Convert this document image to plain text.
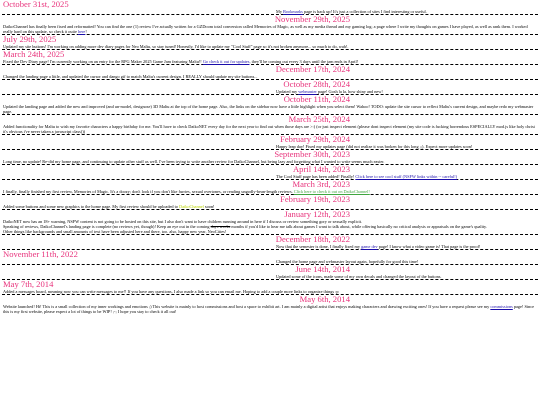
October 31st, 2025

My Bookmarks page is back up! It's just a collection of sites I find interesting or useful.

November 29th, 2025

DaikoChannel has finally been fixed and reformatted! You can find the one (1) review I've actually written for a GZDoom total conversion called Memories of Magic, as well as my media thread and my gaming log; a page where I write my thoughts on games I have played, as well as rank them. I worked really hard on this update, so check it outie here!

July 29th, 2025

Updated my site buttons! I'm working on adding more dev diary pages for Neo Maltu, so stay tuned! Honestly, I'd like to update my "Cool Stuff" page so it's not broken anymore... so much to do, wah!.

March 24th, 2025

Fixed the Dev Diary page! I'm currently working on an entry for the RPG Maker 2025 Game Jam featuring Maltu!! Go check it out for updates, they'll be coming out every 3 days until the jam ends in April!

December 17th, 2024

Changed the landing page a little, and updated the cursor and dango gif to match Maltu's current design. I REALLY should update my site buttons...

October 28th, 2024

Updated my webmaster page! Gosh la la, how shiny and new!

October 11th, 2024

Updated the landing page and added the new and improved (and un-model, designose) 3D Maltu at the top of the home page. Also, the links on the sidebar now have a little highlight when you select them! Wahoo! TODO: update the site cursor to reflect Maltu's current design, and maybe redo my webmaster page.

March 25th, 2024

Added functionality for Maltu to wish my favorite characters a happy birthday for me. You'll have to check DaikoNET every day for the next year to find out when those days are >:) (or just inspect element (please dont inspect element (my site code is fucking horrendous ESPECIALLY mod.js like holy christ it's obvious i've never taken a javascript class)))

February 29th, 2024

Happy leap day! Fixed my updates page (did not realize it was broken for this long ;;). Expect more updates soon!

September 30th, 2023

Long time, no update! Re-did my home page, and continuing to update other stuff as well. I've been trying to write another review for DaikoChannel, but being lazy and forgetting what I wanted to write seems much easier.

April 14th, 2023

The Cool Stuff page has been added! Finally! Click here to see cool stuff (NSFW links within -- careful!)

March 3rd, 2023

I finally, finally finished my first review, Memories of Magic. It's a doozy; don't look if you don't like furries, sexual overtones, or reading ungodly-bean-length reviews. Click here to check it out on DaikoChannel!

February 19th, 2023

Added some buttons and some new graphics to the home page. My first review should be uploaded to DaikoChannel soon!

January 12th, 2023

DaikoNET now has an 18+ warning, NSFW content is not going to be hosted on this site, but I also don't want to have children running around in here if I discuss or review something gory or sexually explicit.

Speaking of reviews, DaikoChannel's landing page is complete (no reviews yet, though)! Keep an eye out in the coming days weeks months if you'd like to hear me talk about games I want to talk about, while offering basically no critical analysis or appraisals on the game's quality.

Other things like backgrounds and small amounts of text have been adjusted here and there, too. also, happy new year, NeoCities!

December 18th, 2022

Now that the semester is done, I finally fixed my game dev page! I know what a video game is! That page is the proof!

November 11th, 2022

Changed the home page and webmaster layout again, hopefully for good this time!

June 14th, 2014

Updated some of the icons, made some of my own decals and changed the layout of the buttons.

May 7th, 2014

Added a messages board, meaning now you can write messages to me!! If you have any questions, I also made a link so you can email me. Hoping to add a couple more links to organize things :p

May 6th, 2014

Website launched! Hi! This is a small collection of my inner workings and emotions ;) This website is mainly to host commissions and host a space to exhibit art. I am mainly a digital artist that enjoys making characters and drawing exciting ones! If you have a request please see my commissions page! Since this is my first website, please expect a lot of things to be WIP! ;-; I hope you stay to check it all out!
